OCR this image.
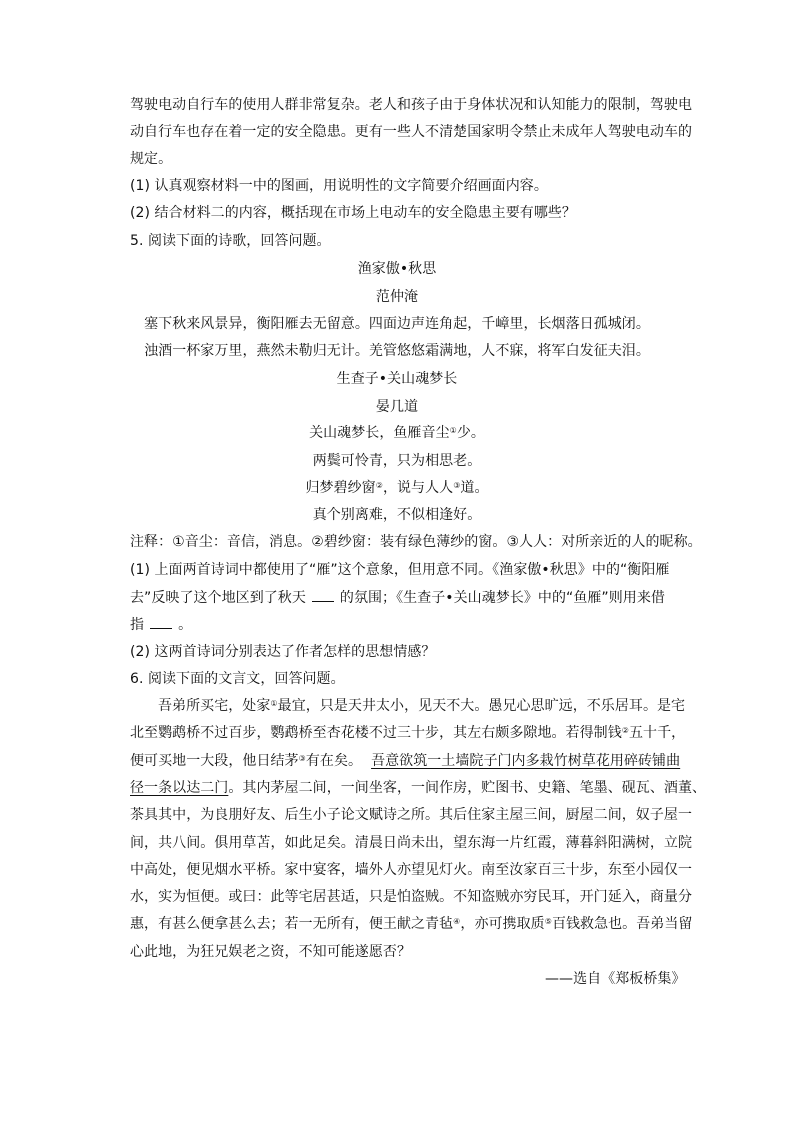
驾驶电动自行车的使用人群非常复杂。老人和孩子由于身体状况和认知能力的限制，驾驶电
动自行车也存在着一定的安全隐患。更有一些人不清楚国家明令禁止未成年人驾驶电动车的
规定。
(1) 认真观察材料一中的图画，用说明性的文字简要介绍画面内容。
(2) 结合材料二的内容，概括现在市场上电动车的安全隐患主要有哪些？
5. 阅读下面的诗歌，回答问题。
渔家傲•秋思
范仲淹
塞下秋来风景异，衡阳雁去无留意。四面边声连角起，千嶂里，长烟落日孤城闭。
浊酒一杯家万里，燕然未勒归无计。羌管悠悠霜满地，人不寐，将军白发征夫泪。
生查子•关山魂梦长
晏几道
关山魂梦长，鱼雁音尘①少。
两鬓可怜青，只为相思老。
归梦碧纱窗②，说与人人③道。
真个别离难，不似相逢好。
注释：①音尘：音信，消息。②碧纱窗：装有绿色薄纱的窗。③人人：对所亲近的人的昵称。
(1) 上面两首诗词中都使用了“雁”这个意象，但用意不同。《渔家傲•秋思》中的“衡阳雁
去”反映了这个地区到了秋天 的氛围；《生查子•关山魂梦长》中的“鱼雁”则用来借
指 。
(2) 这两首诗词分别表达了作者怎样的思想情感？
6. 阅读下面的文言文，回答问题。
吾弟所买宅，处家①最宜，只是天井太小，见天不大。愚兄心思旷远，不乐居耳。是宅
北至鹦鹉桥不过百步，鹦鹉桥至杏花楼不过三十步，其左右颇多隙地。若得制钱②五十千，
便可买地一大段，他日结茅③有在矣。 吾意欲筑一土墙院子门内多栽竹树草花用碎砖铺曲
径一条以达二门。其内茅屋二间，一间坐客，一间作房，贮图书、史籍、笔墨、砚瓦、酒董、
茶具其中，为良朋好友、后生小子论文赋诗之所。其后住家主屋三间，厨屋二间，奴子屋一
间，共八间。俱用草苫，如此足矣。清晨日尚未出，望东海一片红霞，薄暮斜阳满树，立院
中高处，便见烟水平桥。家中宴客，墙外人亦望见灯火。南至汝家百三十步，东至小园仅一
水，实为恒便。或曰：此等宅居甚适，只是怕盗贼。不知盗贼亦穷民耳，开门延入，商量分
惠，有甚么便拿甚么去；若一无所有，便王献之青毡④，亦可携取质⑤百钱救急也。吾弟当留
心此地，为狂兄娱老之资，不知可能遂愿否？
——选自《郑板桥集》
